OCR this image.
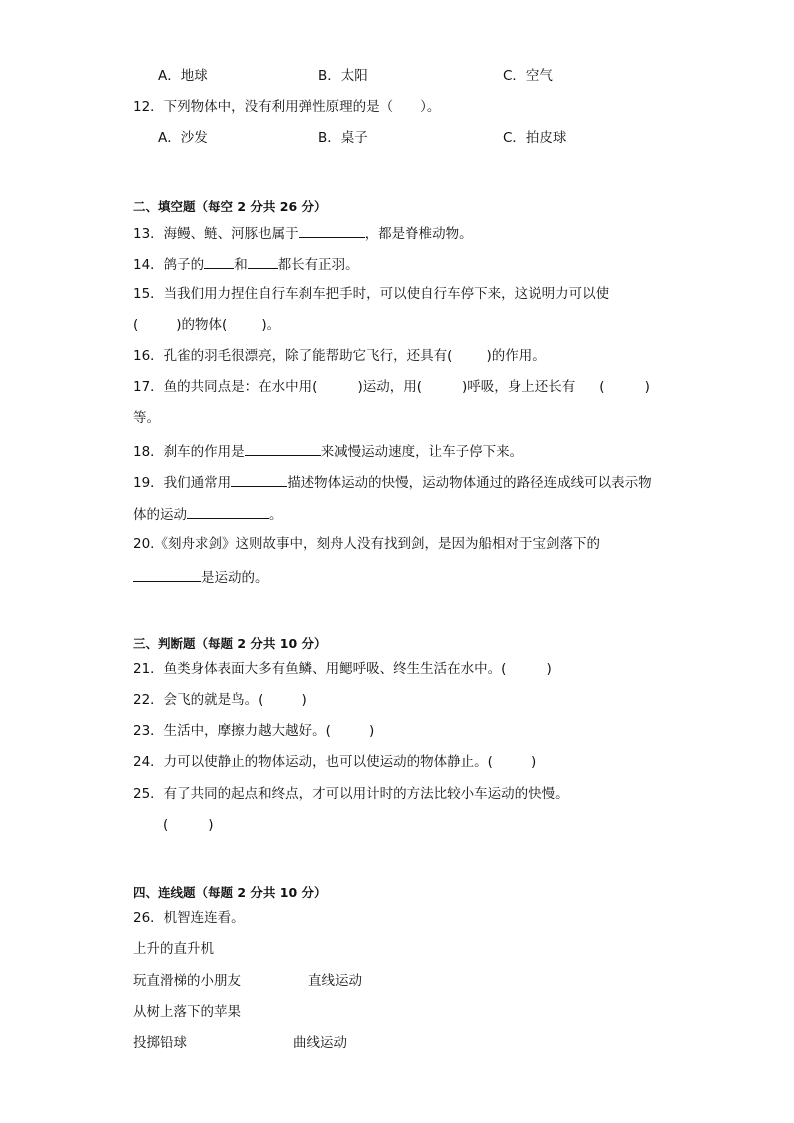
A．地球	B．太阳	C．空气
12．下列物体中，没有利用弹性原理的是（　　）。
A．沙发	B．桌子	C．拍皮球
二、填空题（每空 2 分共 26 分）
13．海鳗、鲢、河豚也属于	，都是脊椎动物。
14．鸽子的 和 都长有正羽。
15．当我们用力捏住自行车刹车把手时，可以使自行车停下来，这说明力可以使
(	)的物体(	)。
16．孔雀的羽毛很漂亮，除了能帮助它飞行，还具有(	)的作用。
17．鱼的共同点是：在水中用(	)运动，用(	)呼吸，身上还长有 (	)
等。
18．刹车的作用是	来减慢运动速度，让车子停下来。
19．我们通常用	描述物体运动的快慢，运动物体通过的路径连成线可以表示物
体的运动	。
20.《刻舟求剑》这则故事中，刻舟人没有找到剑，是因为船相对于宝剑落下的
是运动的。
三、判断题（每题 2 分共 10 分）
21．鱼类身体表面大多有鱼鳞、用鳃呼吸、终生生活在水中。(	)
22．会飞的就是鸟。(	)
23．生活中，摩擦力越大越好。(	)
24．力可以使静止的物体运动，也可以使运动的物体静止。(	)
25．有了共同的起点和终点，才可以用计时的方法比较小车运动的快慢。
(	)
四、连线题（每题 2 分共 10 分）
26．机智连连看。
上升的直升机
玩直滑梯的小朋友	直线运动
从树上落下的苹果
投掷铅球	曲线运动
